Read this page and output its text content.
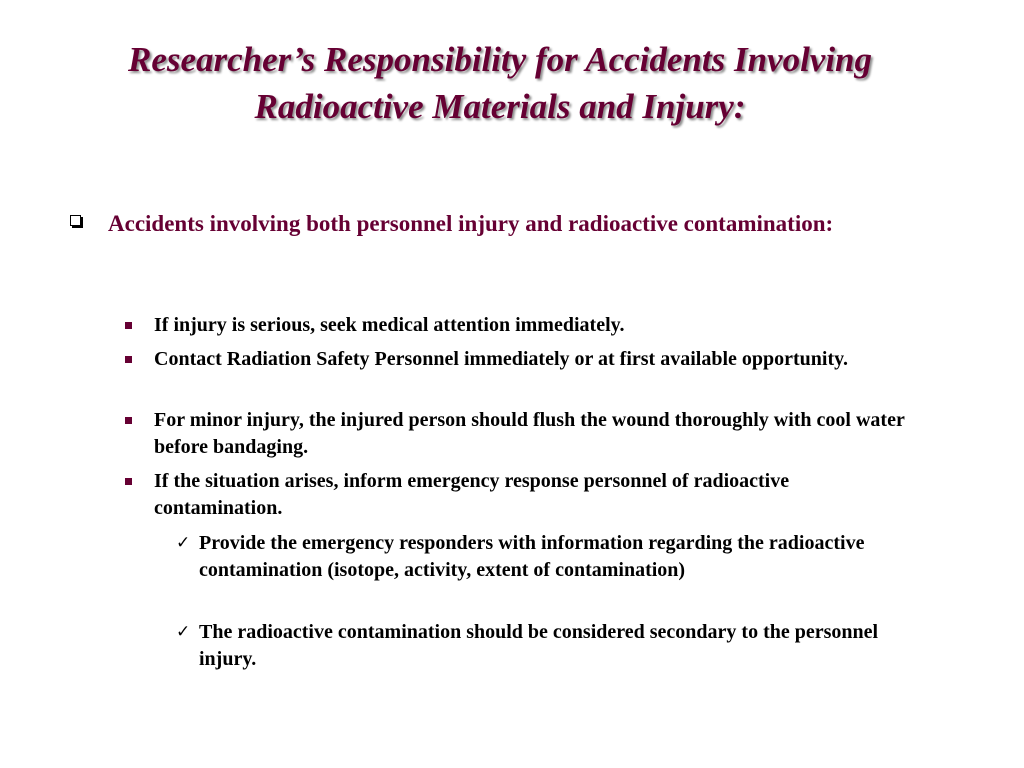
Researcher’s Responsibility for Accidents Involving
Radioactive Materials and Injury:
Accidents involving both personnel injury and radioactive contamination:
If injury is serious, seek medical attention immediately.
Contact Radiation Safety Personnel immediately or at first available opportunity.
For minor injury, the injured person should flush the wound thoroughly with cool water before bandaging.
If the situation arises, inform emergency response personnel of radioactive contamination.
✓ Provide the emergency responders with information regarding the radioactive contamination (isotope, activity, extent of contamination)
✓ The radioactive contamination should be considered secondary to the personnel injury.
